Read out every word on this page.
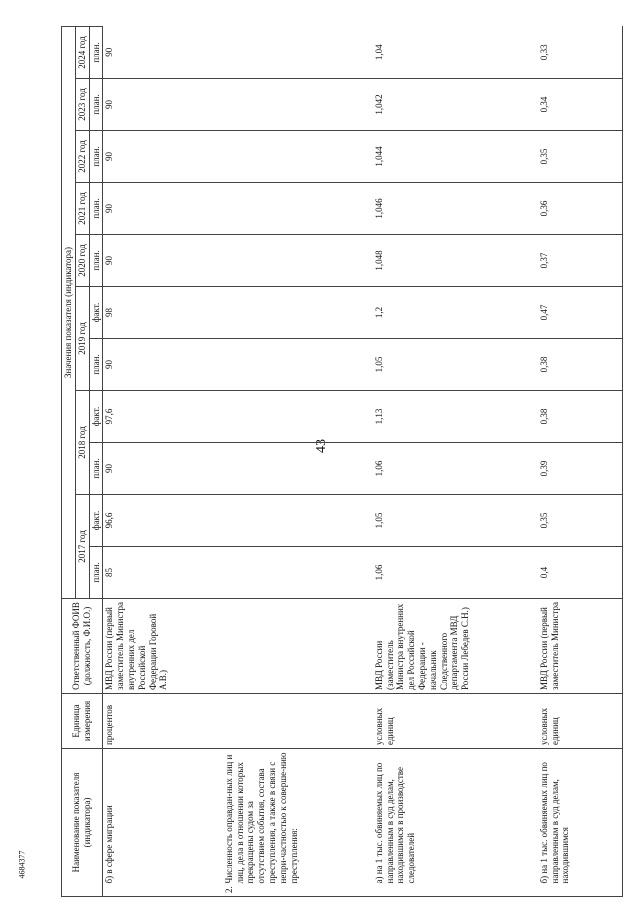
43
4684377	Наименование показателя (индикатора)		Единица измерения	Ответственный ФОИВ (должность, Ф.И.О.)	Значения показателя (индикатора)										
				2017 год		2018 год		2019 год		2020 год	2021 год	2022 год	2023 год	2024 год
				план.	факт.	план.	факт.	план.	факт.	план.	план.	план.	план.	план.
	б) в сфере миграции	процентов	МВД России (первый заместитель Министра внутренних дел Российской Федерации Горовой А.В.)	85	96,6	90	97,6	90	98	90	90	90	90	90
2.	Численность оправдан-ных лиц и лиц, дела в отношении которых прекращены судом за отсутствием события, состава преступления, а также в связи с непри-частностью к соверше-нию преступления:													
	а) на 1 тыс. обвиняемых лиц по направленным в суд делам, находившимся в производстве следователей	условных единиц	МВД России (заместитель Министра внутренних дел Российской Федерации - начальник Следственного департамента МВД России Лебедев С.Н.)	1,06	1,05	1,06	1,13	1,05	1,2	1,048	1,046	1,044	1,042	1,04
	б) на 1 тыс. обвиняемых лиц по направленным в суд делам, находившимся	условных единиц	МВД России (первый заместитель Министра	0,4	0,35	0,39	0,38	0,38	0,47	0,37	0,36	0,35	0,34	0,33
